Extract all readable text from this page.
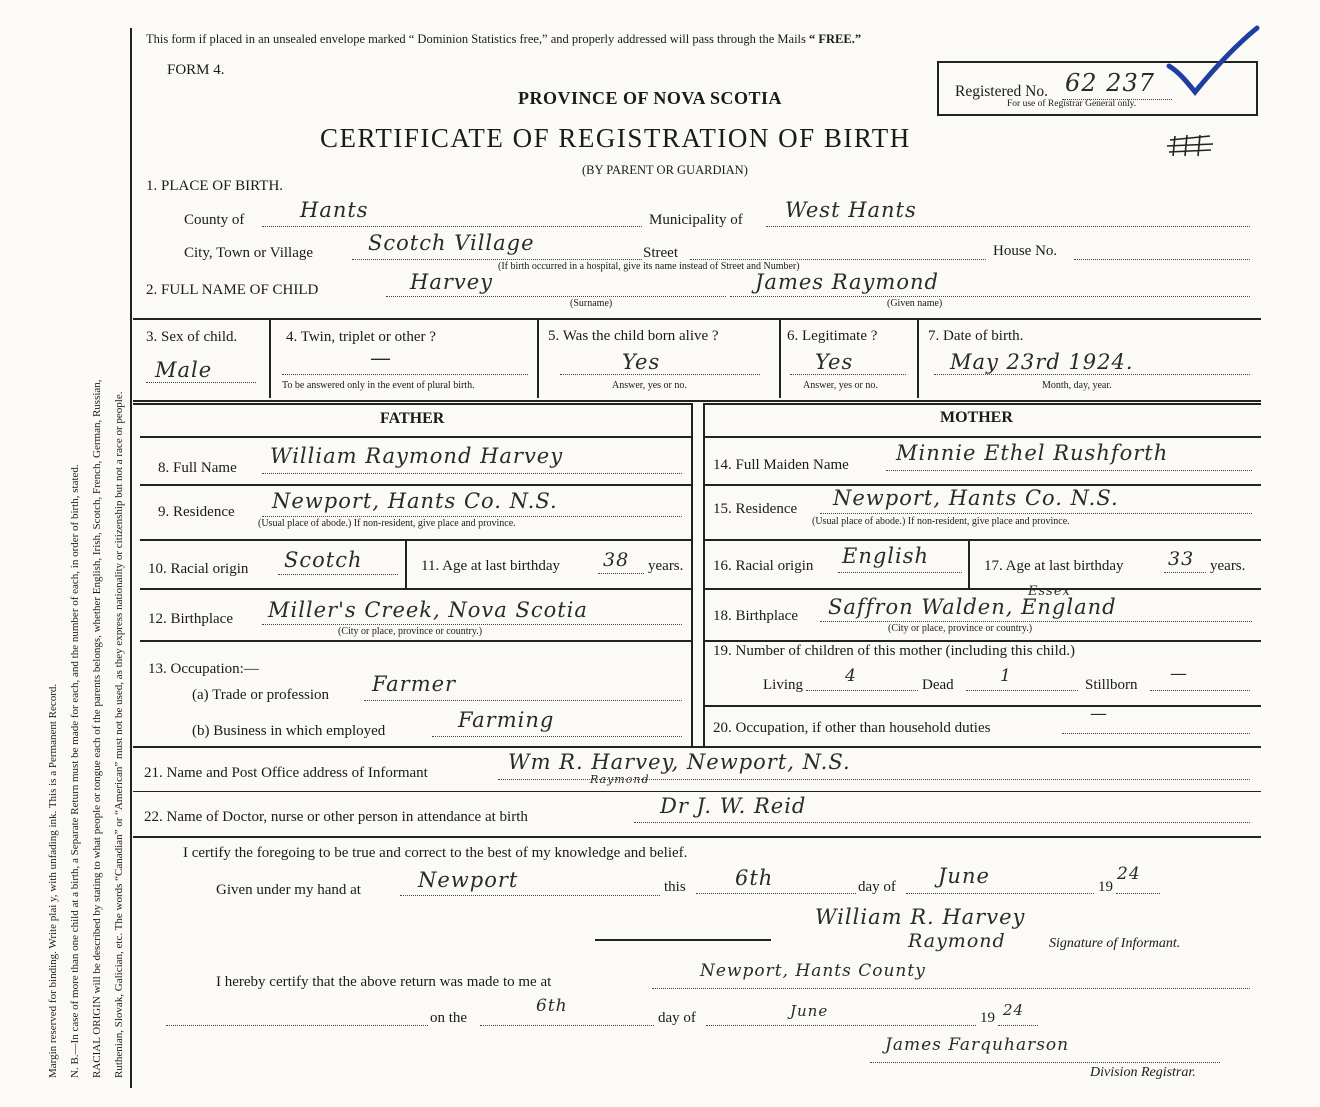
Margin reserved for binding. Write plai y, with unfading ink. This is a Permanent Record. N. B.—In case of more than one child at a birth, a Separate Return must be made for each, and the number of each, in order of birth, stated. RACIAL ORIGIN will be described by stating to what people or tongue each of the parents belongs, whether English, Irish, Scotch, French, German, Russian, Ruthenian, Slovak, Galician, etc. The words “Canadian” or “American” must not be used, as they express nationality or citizenship but not a race or people.
This form if placed in an unsealed envelope marked “ Dominion Statistics free,” and properly addressed will pass through the Mails “ FREE.”
FORM 4.
Registered No. 62 237
For use of Registrar General only.
PROVINCE OF NOVA SCOTIA
CERTIFICATE OF REGISTRATION OF BIRTH
(BY PARENT OR GUARDIAN)
1. PLACE OF BIRTH.
County of	Hants	Municipality of West Hants
City, Town or Village	Scotch Village	Street	House No.
(If birth occurred in a hospital, give its name instead of Street and Number)
2. FULL NAME OF CHILD	Harvey	James Raymond
(Surname)	(Given name)
3. Sex of child.
Male
4. Twin, triplet or other ?
—
To be answered only in the event of plural birth.
5. Was the child born alive ?
Yes
Answer, yes or no.
6. Legitimate ?
Yes
Answer, yes or no.
7. Date of birth.
May 23rd 1924.
Month, day, year.
FATHER	MOTHER
8. Full Name William Raymond Harvey
9. Residence Newport, Hants Co. N.S.
(Usual place of abode.) If non-resident, give place and province.
10. Racial origin Scotch	11. Age at last birthday 38 years.
12. Birthplace Miller's Creek, Nova Scotia
(City or place, province or country.)
13. Occupation:—
(a) Trade or profession Farmer
(b) Business in which employed	Farming
14. Full Maiden Name Minnie Ethel Rushforth
15. Residence Newport, Hants Co. N.S.
(Usual place of abode.) If non-resident, give place and province.
16. Racial origin English	17. Age at last birthday 33 years.
18. Birthplace
Essex
Saffron Walden, England
(City or place, province or country.)
19. Number of children of this mother (including this child.)
Living 4	Dead	1	Stillborn
—
20. Occupation, if other than household duties
—
21. Name and Post Office address of Informant	Raymond
Wm R. Harvey, Newport, N.S.
22. Name of Doctor, nurse or other person in attendance at birth	Dr J. W. Reid
I certify the foregoing to be true and correct to the best of my knowledge and belief.
Given under my hand at	Newport	this 6th	day of June	19
24
William R. Harvey
Raymond	Signature of Informant.
I hereby certify that the above return was made to me at
Newport, Hants County
on the
6th
day of	June	19 24
James Farquharson
Division Registrar.
